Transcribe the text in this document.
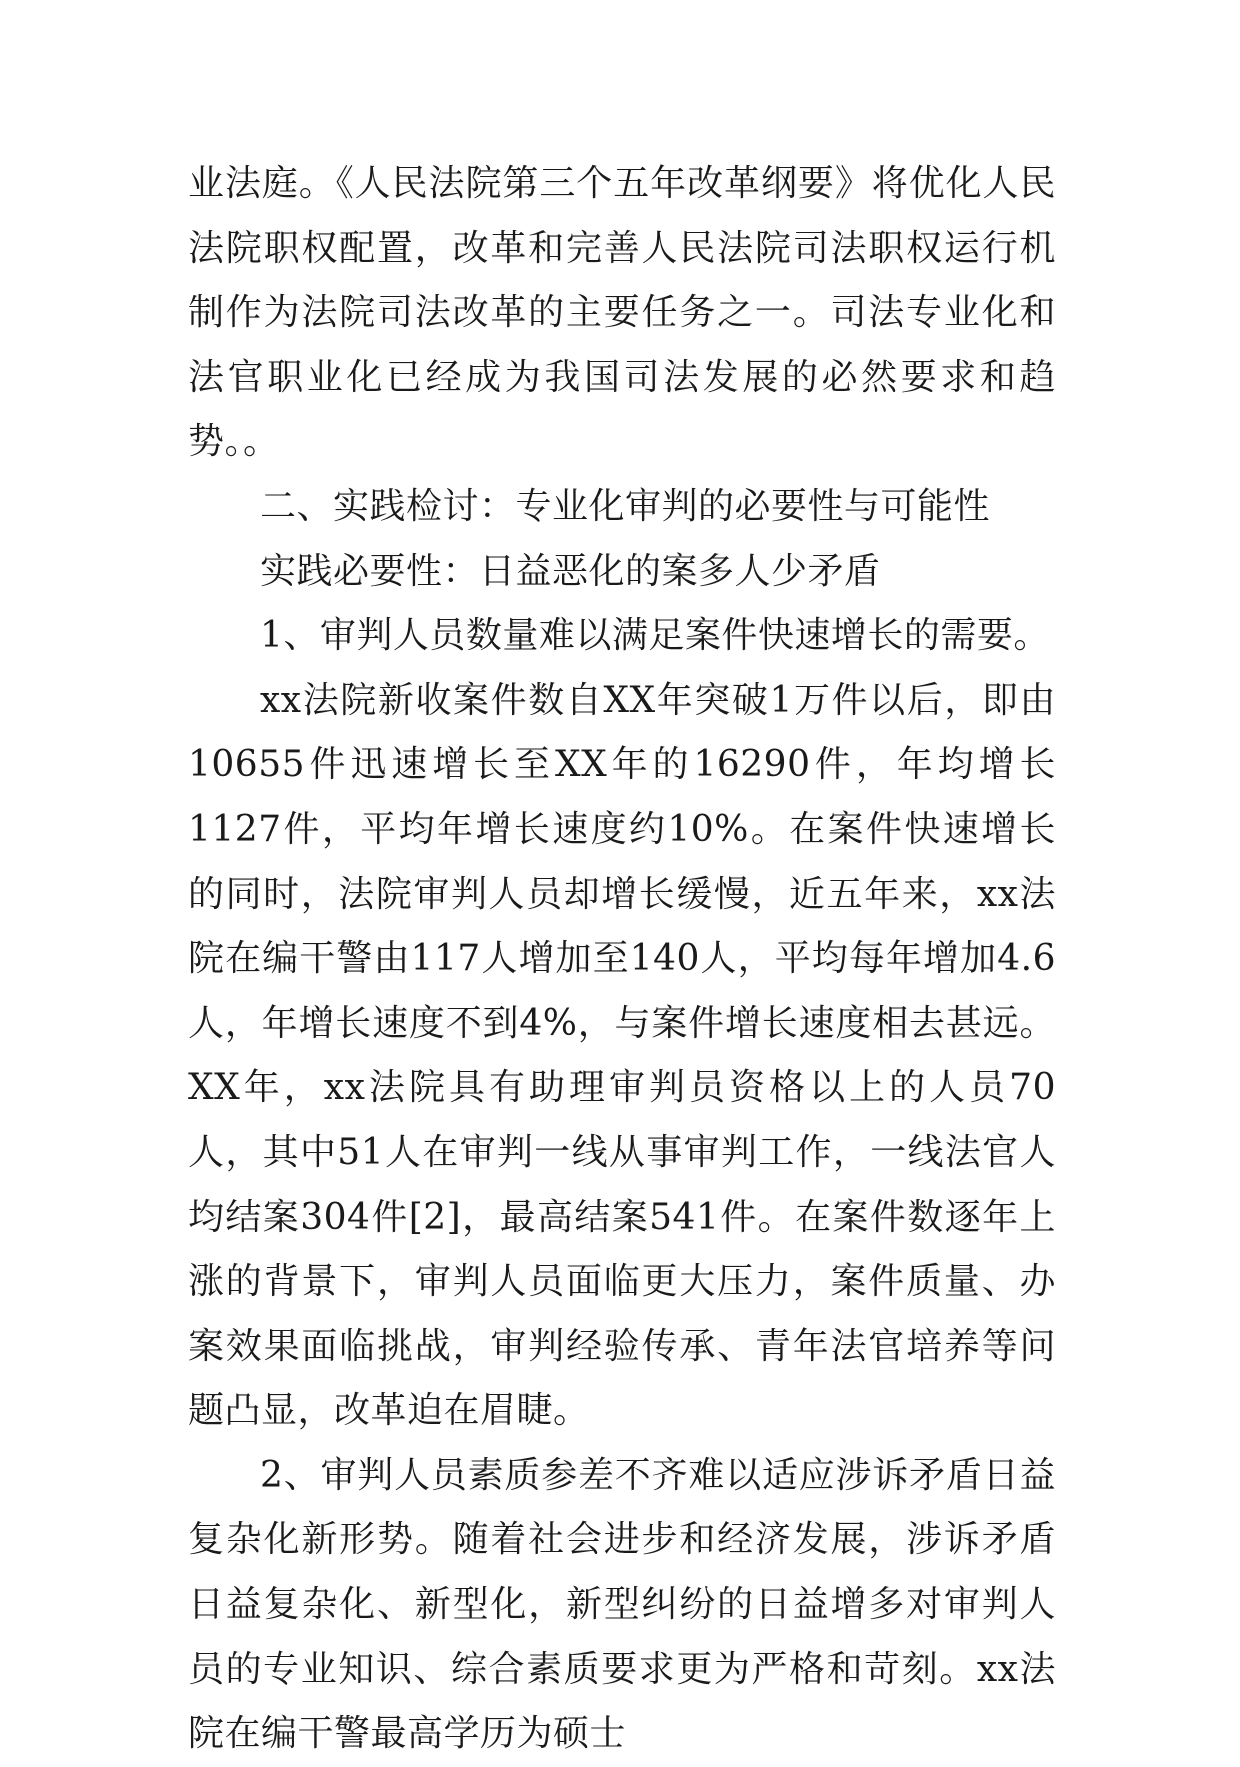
业法庭。《人民法院第三个五年改革纲要》将优化人民法院职权配置，改革和完善人民法院司法职权运行机制作为法院司法改革的主要任务之一。司法专业化和法官职业化已经成为我国司法发展的必然要求和趋势。。

二、实践检讨：专业化审判的必要性与可能性

实践必要性：日益恶化的案多人少矛盾

1、审判人员数量难以满足案件快速增长的需要。

xx法院新收案件数自XX年突破1万件以后，即由10655件迅速增长至XX年的16290件，年均增长1127件，平均年增长速度约10%。在案件快速增长的同时，法院审判人员却增长缓慢，近五年来，xx法院在编干警由117人增加至140人，平均每年增加4.6人，年增长速度不到4%，与案件增长速度相去甚远。XX年，xx法院具有助理审判员资格以上的人员70人，其中51人在审判一线从事审判工作，一线法官人均结案304件[2]，最高结案541件。在案件数逐年上涨的背景下，审判人员面临更大压力，案件质量、办案效果面临挑战，审判经验传承、青年法官培养等问题凸显，改革迫在眉睫。

2、审判人员素质参差不齐难以适应涉诉矛盾日益复杂化新形势。随着社会进步和经济发展，涉诉矛盾日益复杂化、新型化，新型纠纷的日益增多对审判人员的专业知识、综合素质要求更为严格和苛刻。xx法院在编干警最高学历为硕士
